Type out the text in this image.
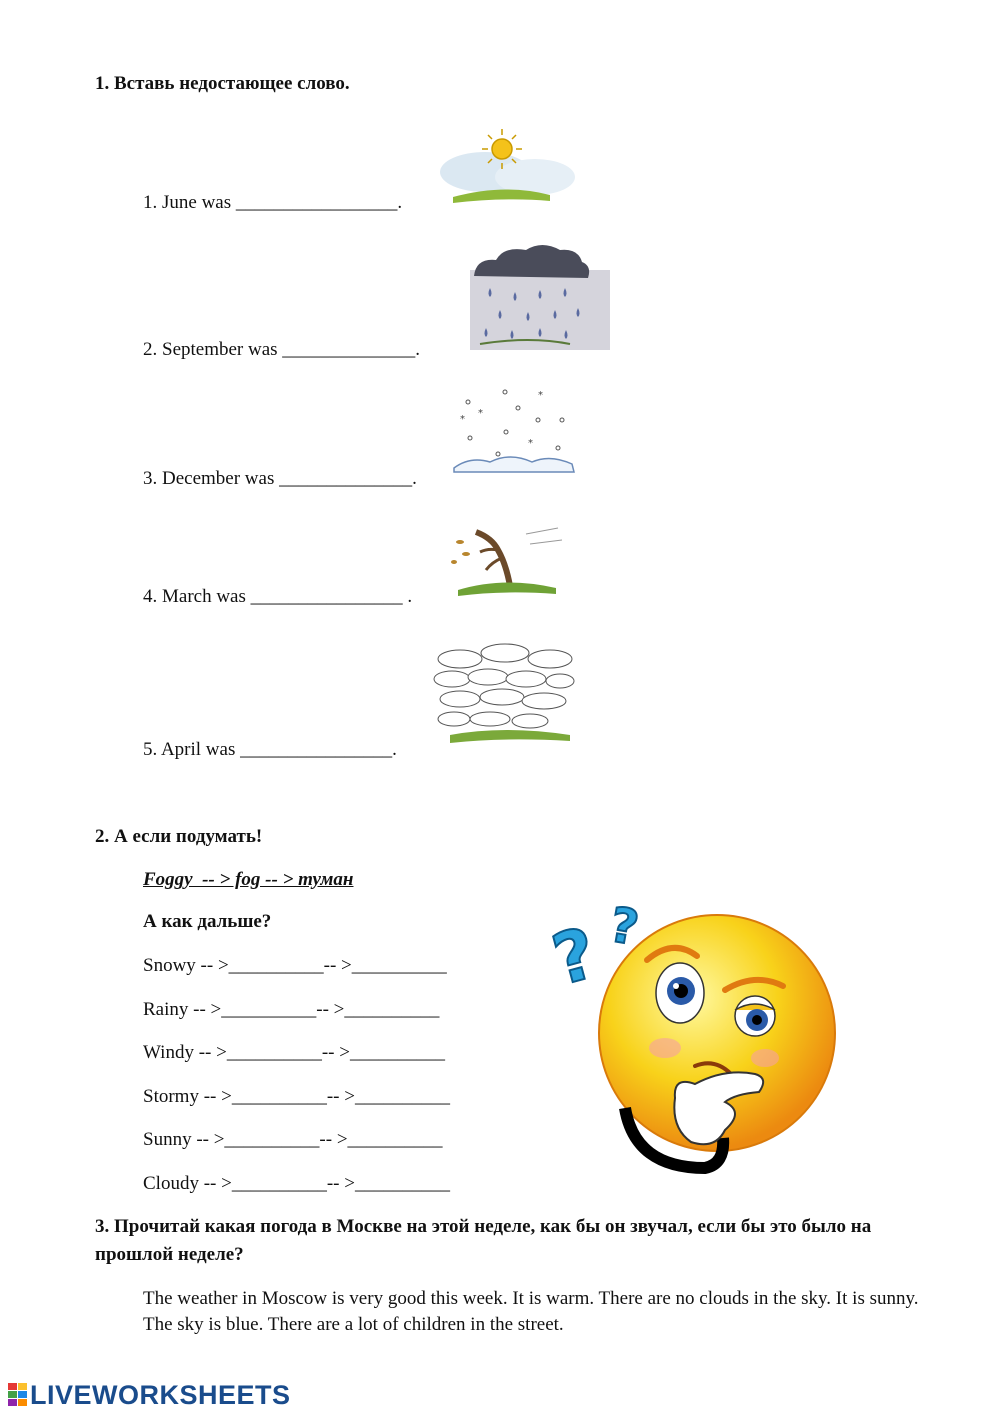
1. Вставь недостающее слово.
1. June was _________________.
2. September was ______________.
3. December was ______________.
4. March was ________________ .
5. April was ________________.
*
*
*
*
2. А если подумать!
Foggy  -- > fog -- > туман
А как дальше?
Snowy -- >__________-- >__________
Rainy -- >__________-- >__________
Windy -- >__________-- >__________
Stormy -- >__________-- >__________
Sunny -- >__________-- >__________
Cloudy -- >__________-- >__________
? ?
3. Прочитай какая погода в Москве на этой неделе, как бы он звучал, если бы это было на прошлой неделе?
The weather in Moscow is very good this week. It is warm. There are no clouds in the sky. It is sunny. The sky is blue. There are a lot of children in the street.
LIVEWORKSHEETS
